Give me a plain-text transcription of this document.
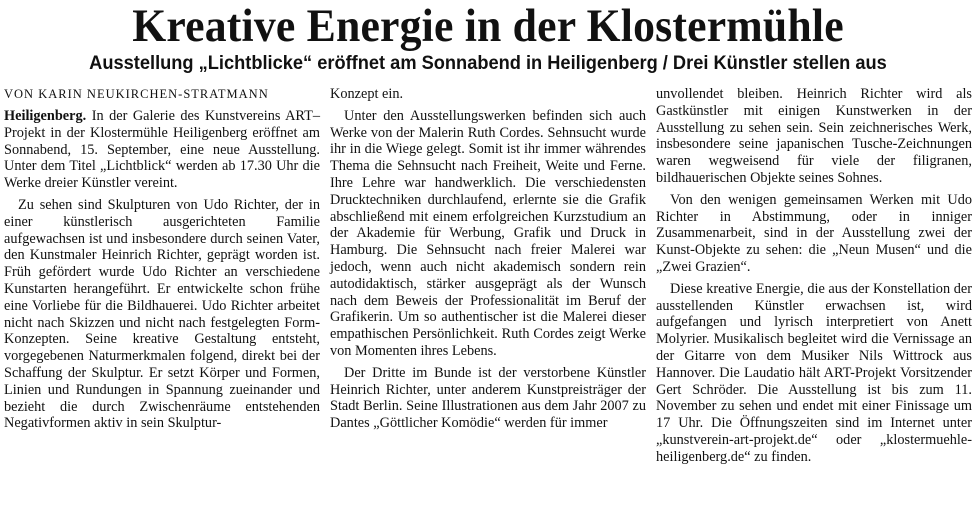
Kreative Energie in der Klostermühle
Ausstellung „Lichtblicke“ eröffnet am Sonnabend in Heiligenberg / Drei Künstler stellen aus
VON KARIN NEUKIRCHEN-STRATMANN

Heiligenberg. In der Galerie des Kunstvereins ART–Projekt in der Klostermühle Heiligenberg eröffnet am Sonnabend, 15. September, eine neue Ausstellung. Unter dem Titel „Lichtblick“ werden ab 17.30 Uhr die Werke dreier Künstler vereint.

Zu sehen sind Skulpturen von Udo Richter, der in einer künstlerisch ausgerichteten Familie aufgewachsen ist und insbesondere durch seinen Vater, den Kunstmaler Heinrich Richter, geprägt worden ist. Früh gefördert wurde Udo Richter an verschiedene Kunstarten herangeführt. Er entwickelte schon frühe eine Vorliebe für die Bildhauerei. Udo Richter arbeitet nicht nach Skizzen und nicht nach festgelegten Form-Konzepten. Seine kreative Gestaltung entsteht, vorgegebenen Naturmerkmalen folgend, direkt bei der Schaffung der Skulptur. Er setzt Körper und Formen, Linien und Rundungen in Spannung zueinander und bezieht die durch Zwischenräume entstehenden Negativformen aktiv in sein Skulptur-

Konzept ein.

Unter den Ausstellungswerken befinden sich auch Werke von der Malerin Ruth Cordes. Sehnsucht wurde ihr in die Wiege gelegt. Somit ist ihr immer währendes Thema die Sehnsucht nach Freiheit, Weite und Ferne. Ihre Lehre war handwerklich. Die verschiedensten Drucktechniken durchlaufend, erlernte sie die Grafik abschließend mit einem erfolgreichen Kurzstudium an der Akademie für Werbung, Grafik und Druck in Hamburg. Die Sehnsucht nach freier Malerei war jedoch, wenn auch nicht akademisch sondern rein autodidaktisch, stärker ausgeprägt als der Wunsch nach dem Beweis der Professionalität im Beruf der Grafikerin. Um so authentischer ist die Malerei dieser empathischen Persönlichkeit. Ruth Cordes zeigt Werke von Momenten ihres Lebens.

Der Dritte im Bunde ist der verstorbene Künstler Heinrich Richter, unter anderem Kunstpreisträger der Stadt Berlin. Seine Illustrationen aus dem Jahr 2007 zu Dantes „Göttlicher Komödie“ werden für immer

unvollendet bleiben. Heinrich Richter wird als Gastkünstler mit einigen Kunstwerken in der Ausstellung zu sehen sein. Sein zeichnerisches Werk, insbesondere seine japanischen Tusche-Zeichnungen waren wegweisend für viele der filigranen, bildhauerischen Objekte seines Sohnes.

Von den wenigen gemeinsamen Werken mit Udo Richter in Abstimmung, oder in inniger Zusammenarbeit, sind in der Ausstellung zwei der Kunst-Objekte zu sehen: die „Neun Musen“ und die „Zwei Grazien“.

Diese kreative Energie, die aus der Konstellation der ausstellenden Künstler erwachsen ist, wird aufgefangen und lyrisch interpretiert von Anett Molyrier. Musikalisch begleitet wird die Vernissage an der Gitarre von dem Musiker Nils Wittrock aus Hannover. Die Laudatio hält ART-Projekt Vorsitzender Gert Schröder. Die Ausstellung ist bis zum 11. November zu sehen und endet mit einer Finissage um 17 Uhr. Die Öffnungszeiten sind im Internet unter „kunstverein-art-projekt.de“ oder „klostermuehle-heiligenberg.de“ zu finden.
